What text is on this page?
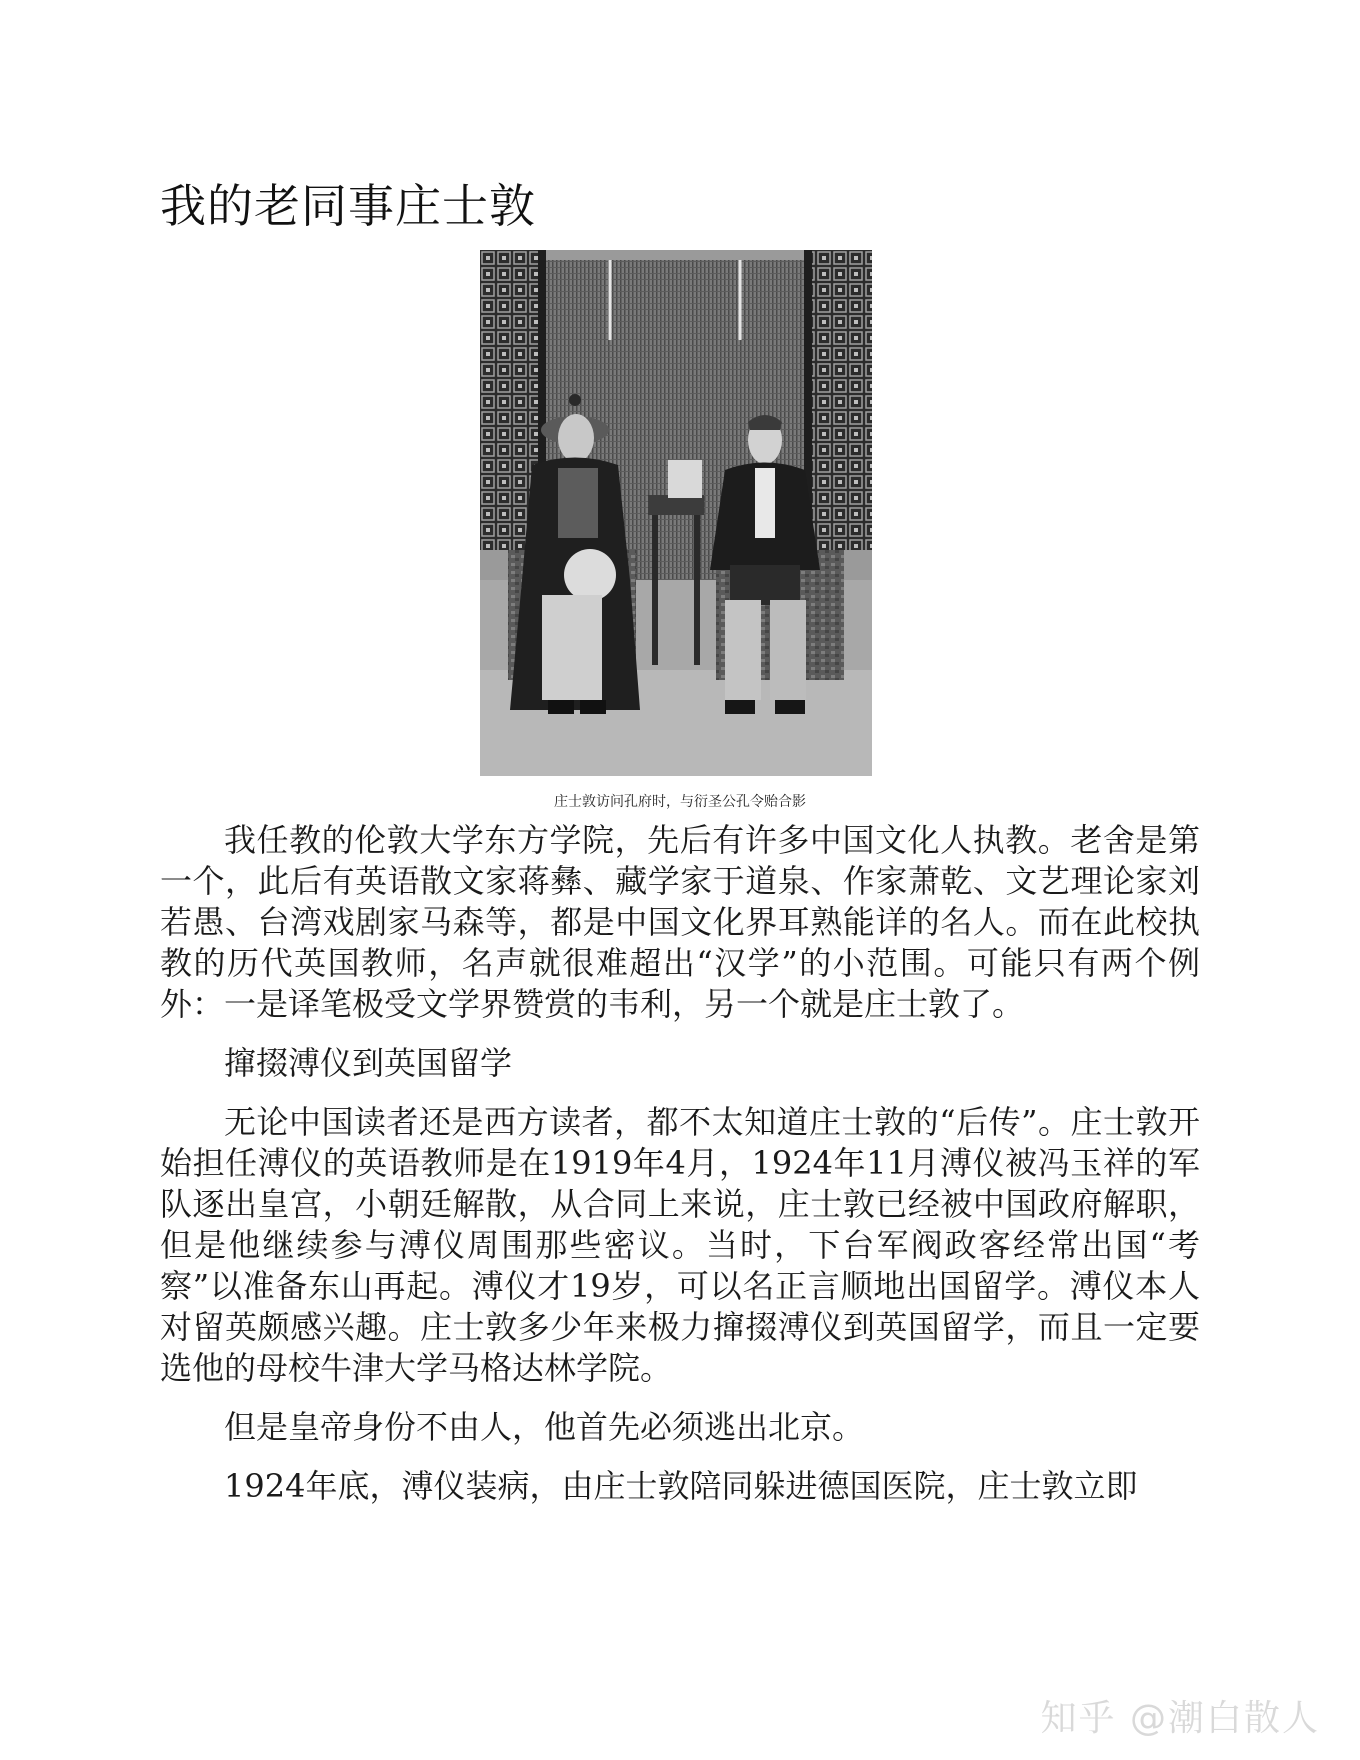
我的老同事庄士敦
庄士敦访问孔府时，与衍圣公孔令贻合影

我任教的伦敦大学东方学院，先后有许多中国文化人执教。老舍是第一个，此后有英语散文家蒋彝、藏学家于道泉、作家萧乾、文艺理论家刘若愚、台湾戏剧家马森等，都是中国文化界耳熟能详的名人。而在此校执教的历代英国教师，名声就很难超出“汉学”的小范围。可能只有两个例外：一是译笔极受文学界赞赏的韦利，另一个就是庄士敦了。

撺掇溥仪到英国留学

无论中国读者还是西方读者，都不太知道庄士敦的“后传”。庄士敦开始担任溥仪的英语教师是在1919年4月，1924年11月溥仪被冯玉祥的军队逐出皇宫，小朝廷解散，从合同上来说，庄士敦已经被中国政府解职，但是他继续参与溥仪周围那些密议。当时，下台军阀政客经常出国“考察”以准备东山再起。溥仪才19岁，可以名正言顺地出国留学。溥仪本人对留英颇感兴趣。庄士敦多少年来极力撺掇溥仪到英国留学，而且一定要选他的母校牛津大学马格达林学院。

但是皇帝身份不由人，他首先必须逃出北京。

1924年底，溥仪装病，由庄士敦陪同躲进德国医院，庄士敦立即

知乎 @潮白散人
